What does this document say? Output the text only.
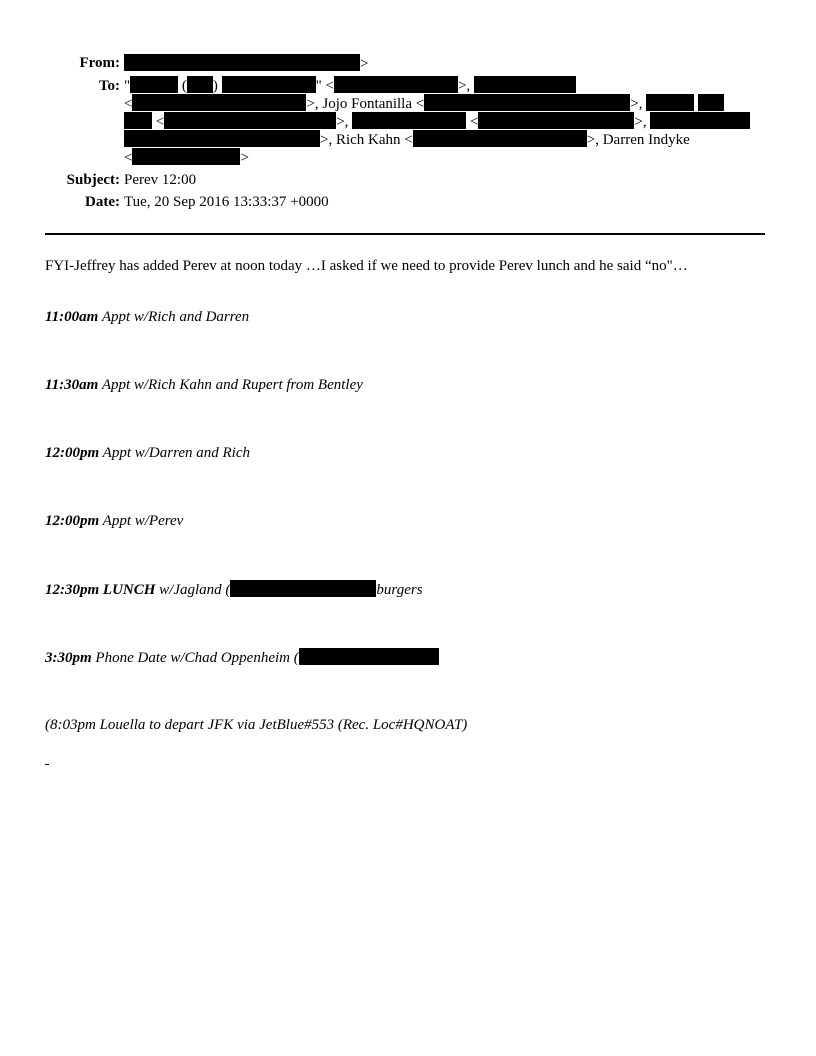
From:	>
To: "	( )	" <	>,
<	>, Jojo Fontanilla <	>,
<	>,	<	>,
>, Rich Kahn <	>, Darren Indyke
<	>
Subject: Perev 12:00
Date: Tue, 20 Sep 2016 13:33:37 +0000
FYI-Jeffrey has added Perev at noon today …I asked if we need to provide Perev lunch and he said “no"…
11:00am Appt w/Rich and Darren
11:30am Appt w/Rich Kahn and Rupert from Bentley
12:00pm Appt w/Darren and Rich
12:00pm Appt w/Perev
12:30pm LUNCH w/Jagland (	burgers
3:30pm Phone Date w/Chad Oppenheim (
(8:03pm Louella to depart JFK via JetBlue#553 (Rec. Loc#HQNOAT)
